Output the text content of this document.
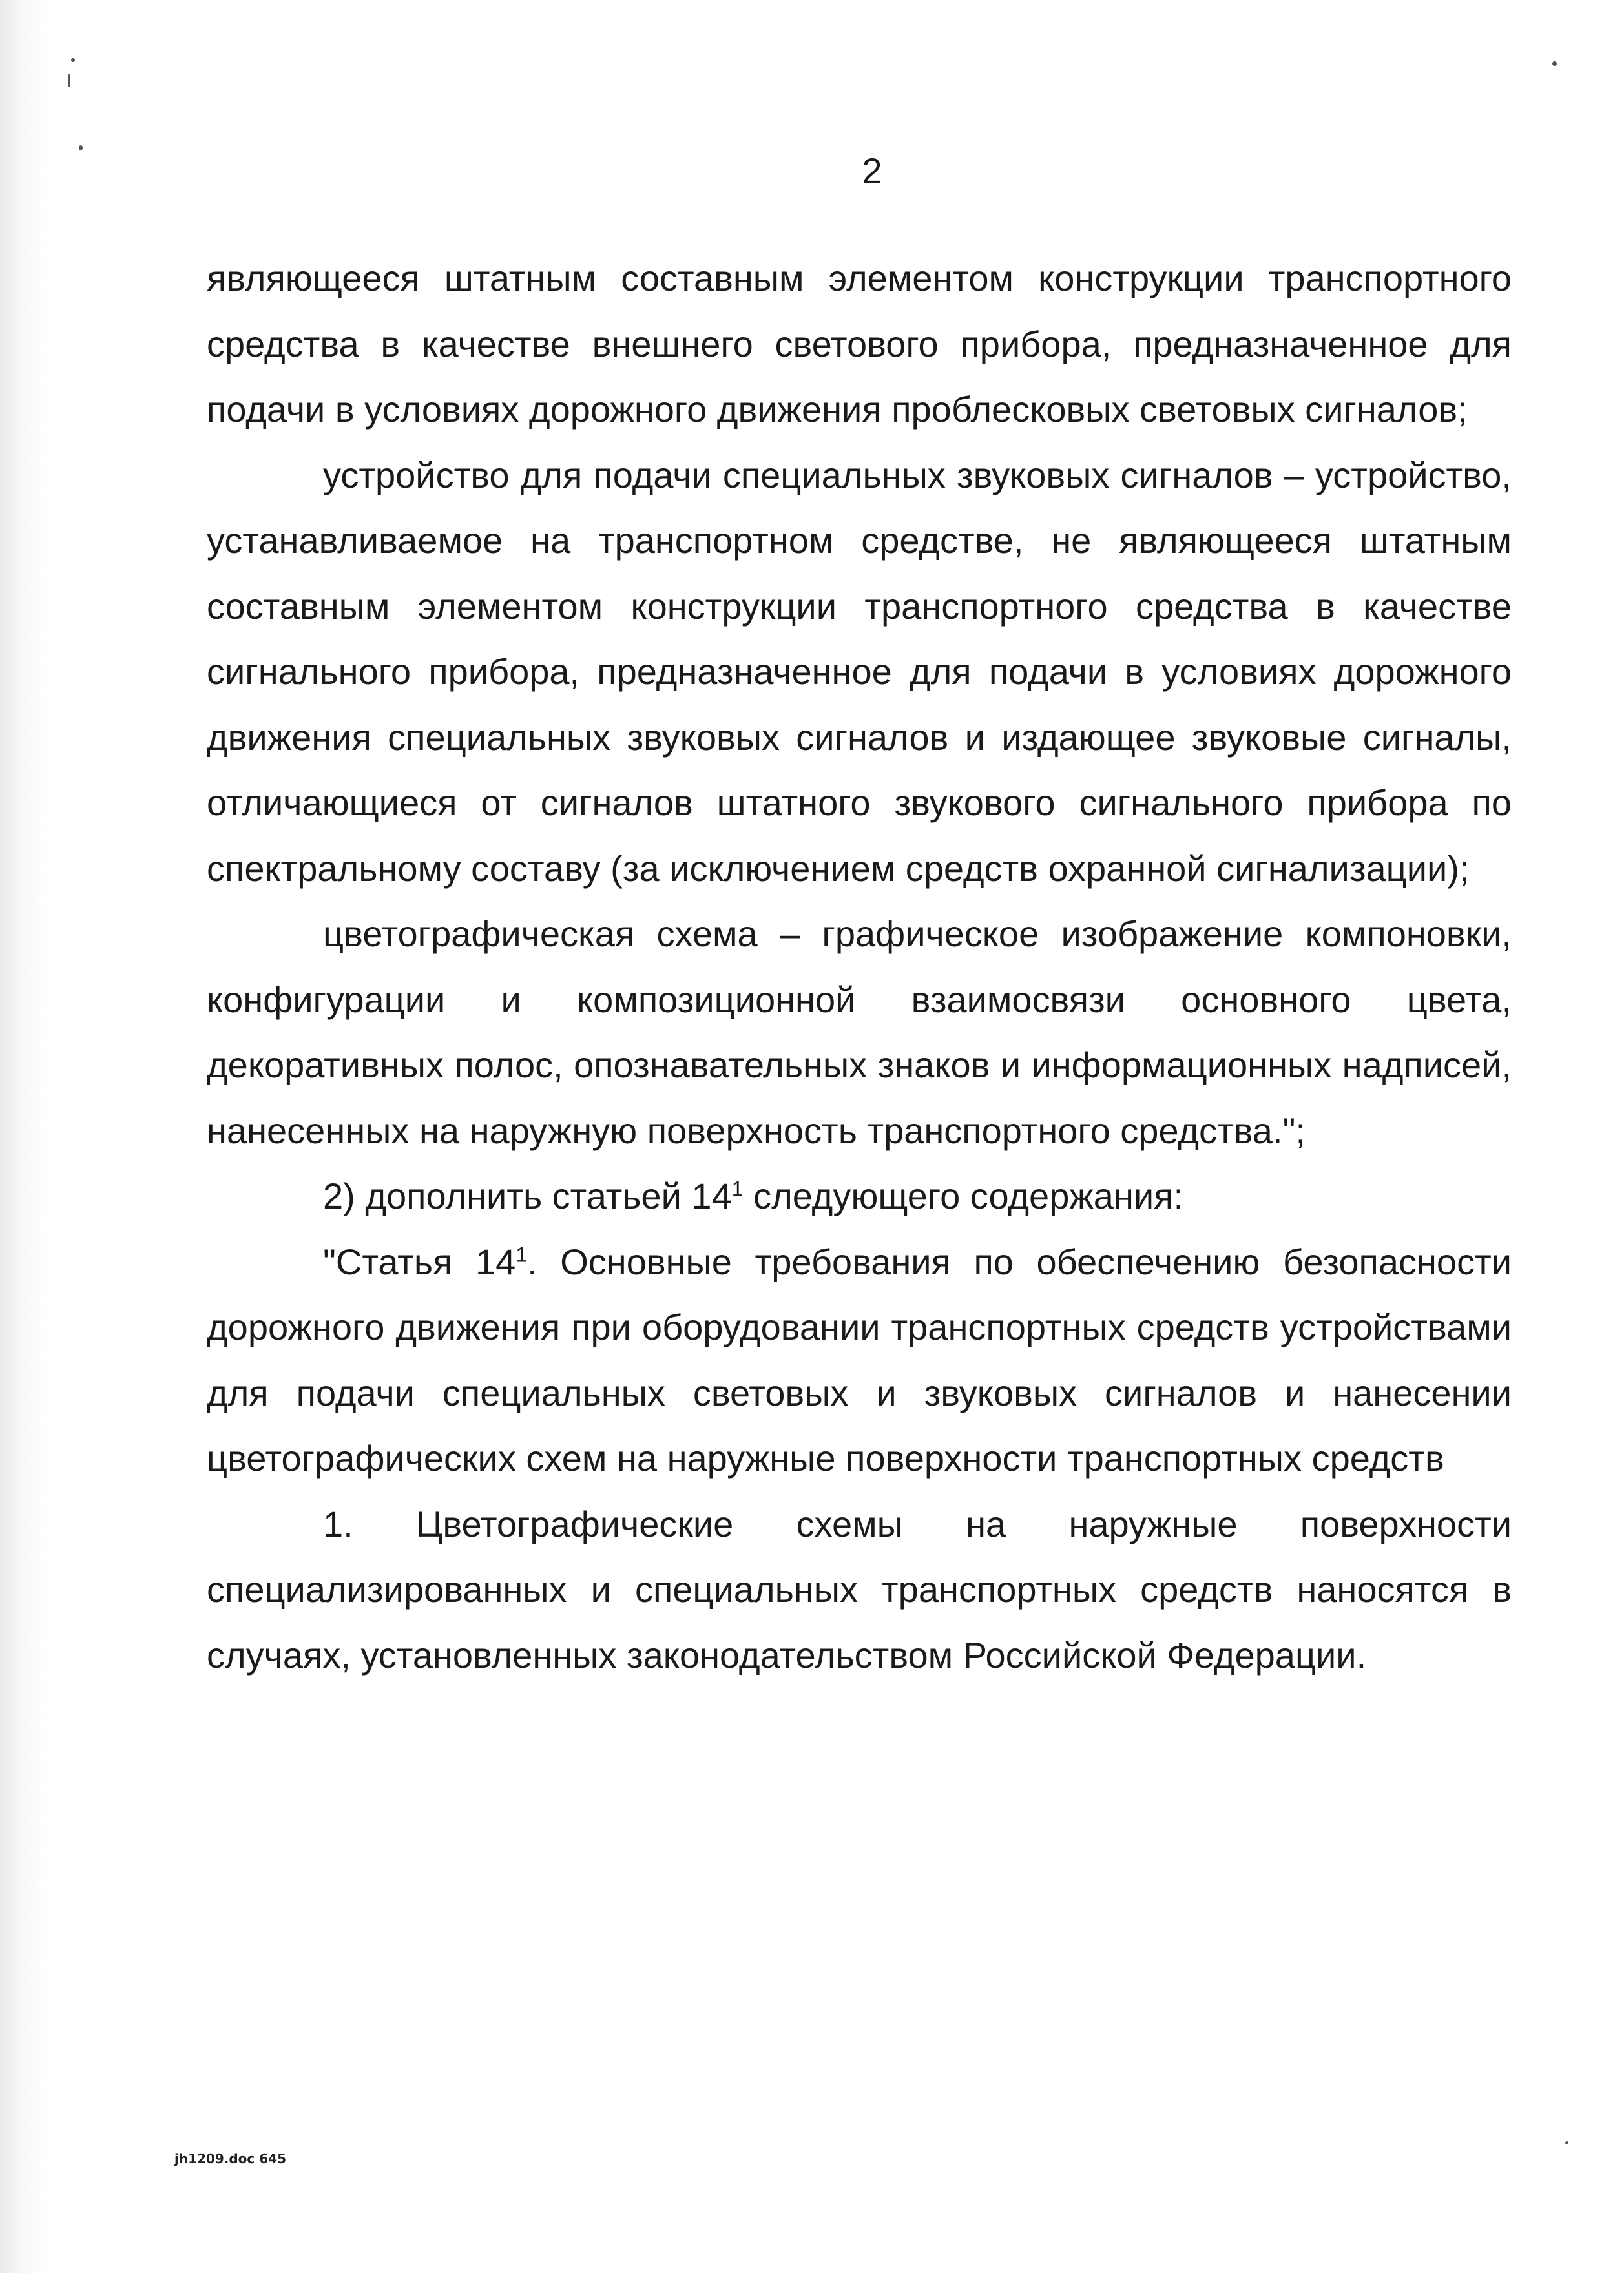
2

являющееся штатным составным элементом конструкции транспортного средства в качестве внешнего светового прибора, предназначенное для подачи в условиях дорожного движения проблесковых световых сигналов;

устройство для подачи специальных звуковых сигналов – устройство, устанавливаемое на транспортном средстве, не являющееся штатным составным элементом конструкции транспортного средства в качестве сигнального прибора, предназначенное для подачи в условиях дорожного движения специальных звуковых сигналов и издающее звуковые сигналы, отличающиеся от сигналов штатного звукового сигнального прибора по спектральному составу (за исключением средств охранной сигнализации);

цветографическая схема – графическое изображение компоновки, конфигурации и композиционной взаимосвязи основного цвета, декоративных полос, опознавательных знаков и информационных надписей, нанесенных на наружную поверхность транспортного средства.";

2) дополнить статьей $14^1$ следующего содержания:

"Статья $14^1$. Основные требования по обеспечению безопасности дорожного движения при оборудовании транспортных средств устройствами для подачи специальных световых и звуковых сигналов и нанесении цветографических схем на наружные поверхности транспортных средств

1. Цветографические схемы на наружные поверхности специализированных и специальных транспортных средств наносятся в случаях, установленных законодательством Российской Федерации.

jh1209.doc 645
